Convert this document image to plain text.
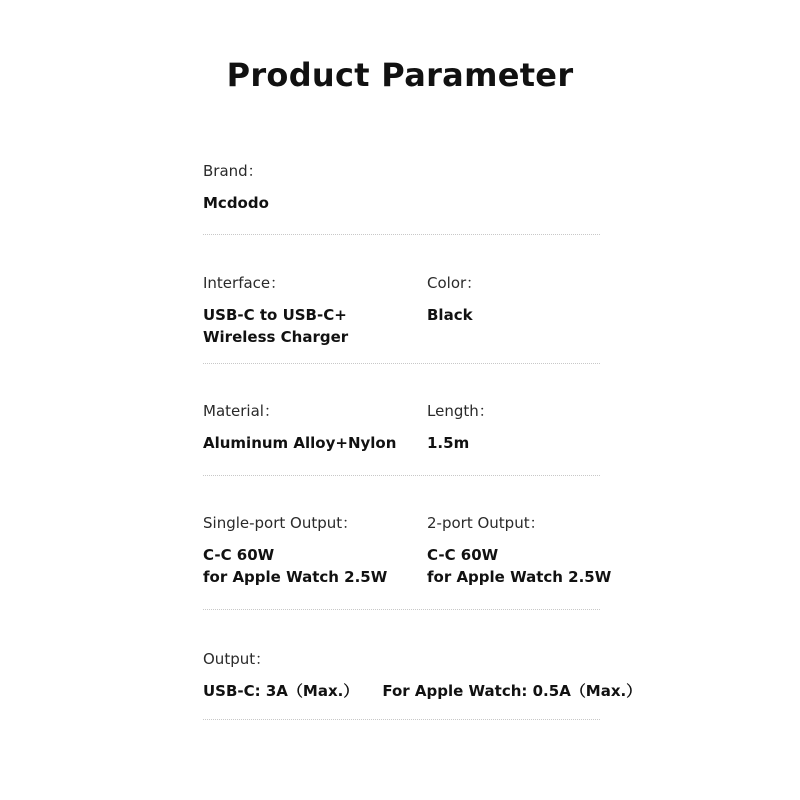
Product Parameter
Brand：
Mcdodo
Interface：
USB-C to USB-C+
Wireless Charger
Color：
Black
Material：
Aluminum Alloy+Nylon
Length：
1.5m
Single-port Output：
C-C 60W
for Apple Watch 2.5W
2-port Output：
C-C 60W
for Apple Watch 2.5W
Output：
USB-C: 3A（Max.） For Apple Watch: 0.5A（Max.）
